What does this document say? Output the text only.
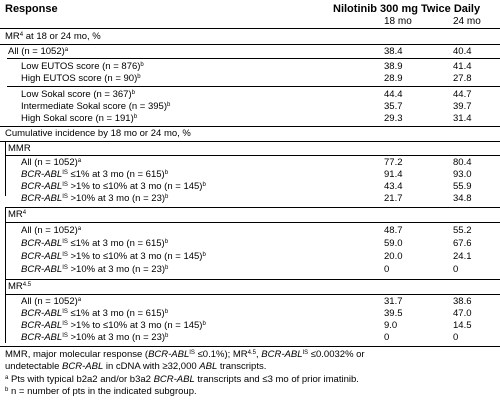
Response	Nilotinib 300 mg Twice Daily
18 mo	24 mo
$MR^4$ at 18 or 24 mo, %
All (n = 1052)$^a$	38.4	40.4
Low EUTOS score (n = 876)$^b$	38.9	41.4
High EUTOS score (n = 90)$^b$	28.9	27.8
Low Sokal score (n = 367)$^b$	44.4	44.7
Intermediate Sokal score (n = 395)$^b$	35.7	39.7
High Sokal score (n = 191)$^b$	29.3	31.4
Cumulative incidence by 18 mo or 24 mo, %
MMR
All (n = 1052)$^a$	77.2	80.4
BCR-$ABL^{IS} \le 1\%$ at 3 mo (n = 615)$^b$	91.4	93.0
BCR-$ABL^{IS} >1\%$ to ≤10% at 3 mo (n = 145)$^b$	43.4	55.9
BCR-$ABL^{IS} >10\%$ at 3 mo (n = 23)$^b$	21.7	34.8
$MR^4$
All (n = 1052)$^a$	48.7	55.2
BCR-$ABL^{IS} \le 1\%$ at 3 mo (n = 615)$^b$	59.0	67.6
BCR-$ABL^{IS} >1\%$ to ≤10% at 3 mo (n = 145)$^b$	20.0	24.1
BCR-$ABL^{IS} >10\%$ at 3 mo (n = 23)$^b$	0	0
$MR^{4.5}$
All (n = 1052)$^a$	31.7	38.6
BCR-$ABL^{IS} \le 1\%$ at 3 mo (n = 615)$^b$	39.5	47.0
BCR-$ABL^{IS} >1\%$ to ≤10% at 3 mo (n = 145)$^b$	9.0	14.5
BCR-$ABL^{IS} >10\%$ at 3 mo (n = 23)$^b$	0	0
MMR, major molecular response $(BCR-ABL^{IS} \le 0.1\%)$; $MR^{4.5}$, BCR-$ABL^{IS} \le 0.0032\%$ or
undetectable BCR-ABL in cDNA with ≥32,000 ABL transcripts.
$^a$ Pts with typical b2a2 and/or b3a2 BCR-ABL transcripts and ≤3 mo of prior imatinib.
$^b$ n = number of pts in the indicated subgroup.
